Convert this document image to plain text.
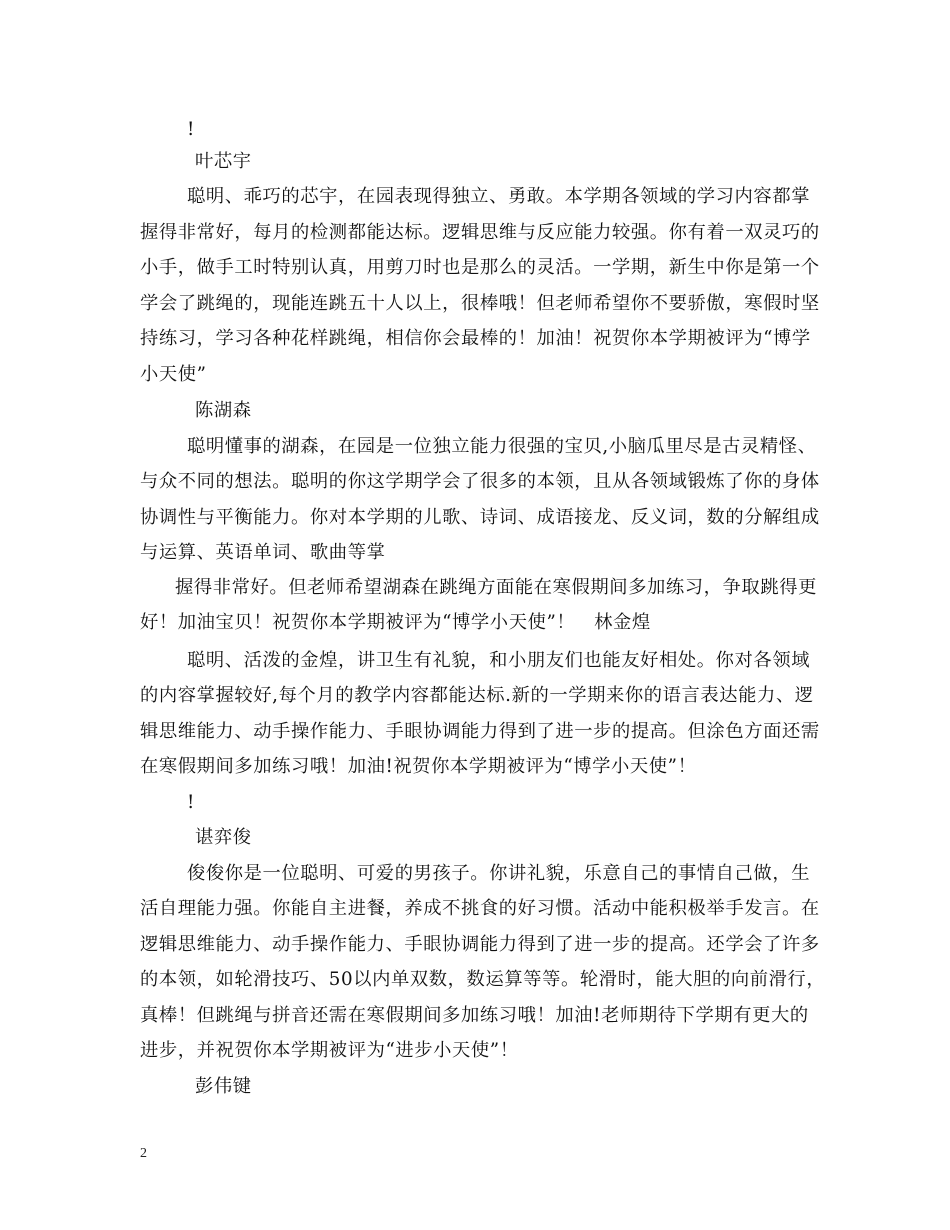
!
叶芯宇
聪明、乖巧的芯宇，在园表现得独立、勇敢。本学期各领域的学习内容都掌
握得非常好，每月的检测都能达标。逻辑思维与反应能力较强。你有着一双灵巧的
小手，做手工时特别认真，用剪刀时也是那么的灵活。一学期，新生中你是第一个
学会了跳绳的，现能连跳五十人以上，很棒哦！但老师希望你不要骄傲，寒假时坚
持练习，学习各种花样跳绳，相信你会最棒的！加油！祝贺你本学期被评为“博学
小天使”
陈湖森
聪明懂事的湖森，在园是一位独立能力很强的宝贝,小脑瓜里尽是古灵精怪、
与众不同的想法。聪明的你这学期学会了很多的本领，且从各领域锻炼了你的身体
协调性与平衡能力。你对本学期的儿歌、诗词、成语接龙、反义词，数的分解组成
与运算、英语单词、歌曲等掌
握得非常好。但老师希望湖森在跳绳方面能在寒假期间多加练习，争取跳得更
好！加油宝贝！祝贺你本学期被评为“博学小天使”！　林金煌
聪明、活泼的金煌，讲卫生有礼貌，和小朋友们也能友好相处。你对各领域
的内容掌握较好,每个月的教学内容都能达标.新的一学期来你的语言表达能力、逻
辑思维能力、动手操作能力、手眼协调能力得到了进一步的提高。但涂色方面还需
在寒假期间多加练习哦！加油!祝贺你本学期被评为“博学小天使”！
!
谌弈俊
俊俊你是一位聪明、可爱的男孩子。你讲礼貌，乐意自己的事情自己做，生
活自理能力强。你能自主进餐，养成不挑食的好习惯。活动中能积极举手发言。在
逻辑思维能力、动手操作能力、手眼协调能力得到了进一步的提高。还学会了许多
的本领，如轮滑技巧、50以内单双数，数运算等等。轮滑时，能大胆的向前滑行，
真棒！但跳绳与拼音还需在寒假期间多加练习哦！加油!老师期待下学期有更大的
进步，并祝贺你本学期被评为“进步小天使”！
彭伟键
2
